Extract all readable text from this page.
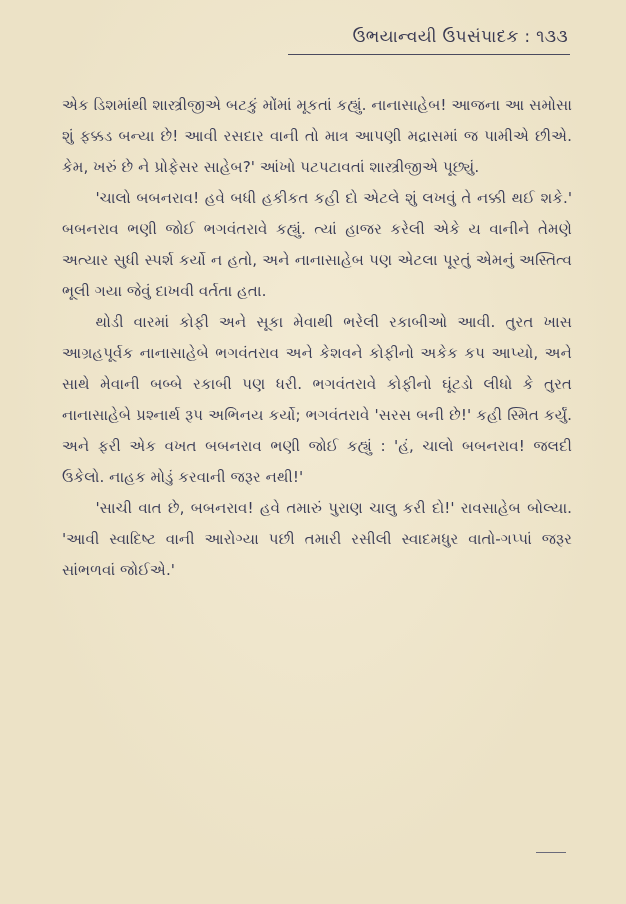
ઉભયાન્વયી ઉપસંપાદક : ૧૩૩

એક ડિશમાંથી શાસ્ત્રીજીએ બટકું મોંમાં મૂકતાં કહ્યું. નાનાસાહેબ! આજના આ સમોસા શું ફક્કડ બન્યા છે! આવી રસદાર વાની તો માત્ર આપણી મદ્રાસમાં જ પામીએ છીએ. કેમ, ખરું છે ને પ્રોફેસર સાહેબ?' આંખો પટપટાવતાં શાસ્ત્રીજીએ પૂછ્યું.

'ચાલો બબનરાવ! હવે બધી હકીકત કહી દો એટલે શું લખવું તે નક્કી થઈ શકે.' બબનરાવ ભણી જોઈ ભગવંતરાવે કહ્યું. ત્યાં હાજર કરેલી એકે ય વાનીને તેમણે અત્યાર સુધી સ્પર્શ કર્યો ન હતો, અને નાનાસાહેબ પણ એટલા પૂરતું એમનું અસ્તિત્વ ભૂલી ગયા જેવું દાખવી વર્તતા હતા.

થોડી વારમાં કોફી અને સૂકા મેવાથી ભરેલી રકાબીઓ આવી. તુરત ખાસ આગ્રહપૂર્વક નાનાસાહેબે ભગવંતરાવ અને કેશવને કોફીનો અકેક કપ આપ્યો, અને સાથે મેવાની બબ્બે રકાબી પણ ધરી. ભગવંતરાવે કોફીનો ઘૂંટડો લીધો કે તુરત નાનાસાહેબે પ્રશ્નાર્થ રૂપ અભિનય કર્યો; ભગવંતરાવે 'સરસ બની છે!' કહી સ્મિત કર્યું. અને ફરી એક વખત બબનરાવ ભણી જોઈ કહ્યું : 'હં, ચાલો બબનરાવ! જલદી ઉકેલો. નાહક મોડું કરવાની જરૂર નથી!'

'સાચી વાત છે, બબનરાવ! હવે તમારું પુરાણ ચાલુ કરી દો!' રાવસાહેબ બોલ્યા. 'આવી સ્વાદિષ્ટ વાની આરોગ્યા પછી તમારી રસીલી સ્વાદમધુર વાતો-ગપ્પાં જરૂર સાંભળવાં જોઈએ.'
